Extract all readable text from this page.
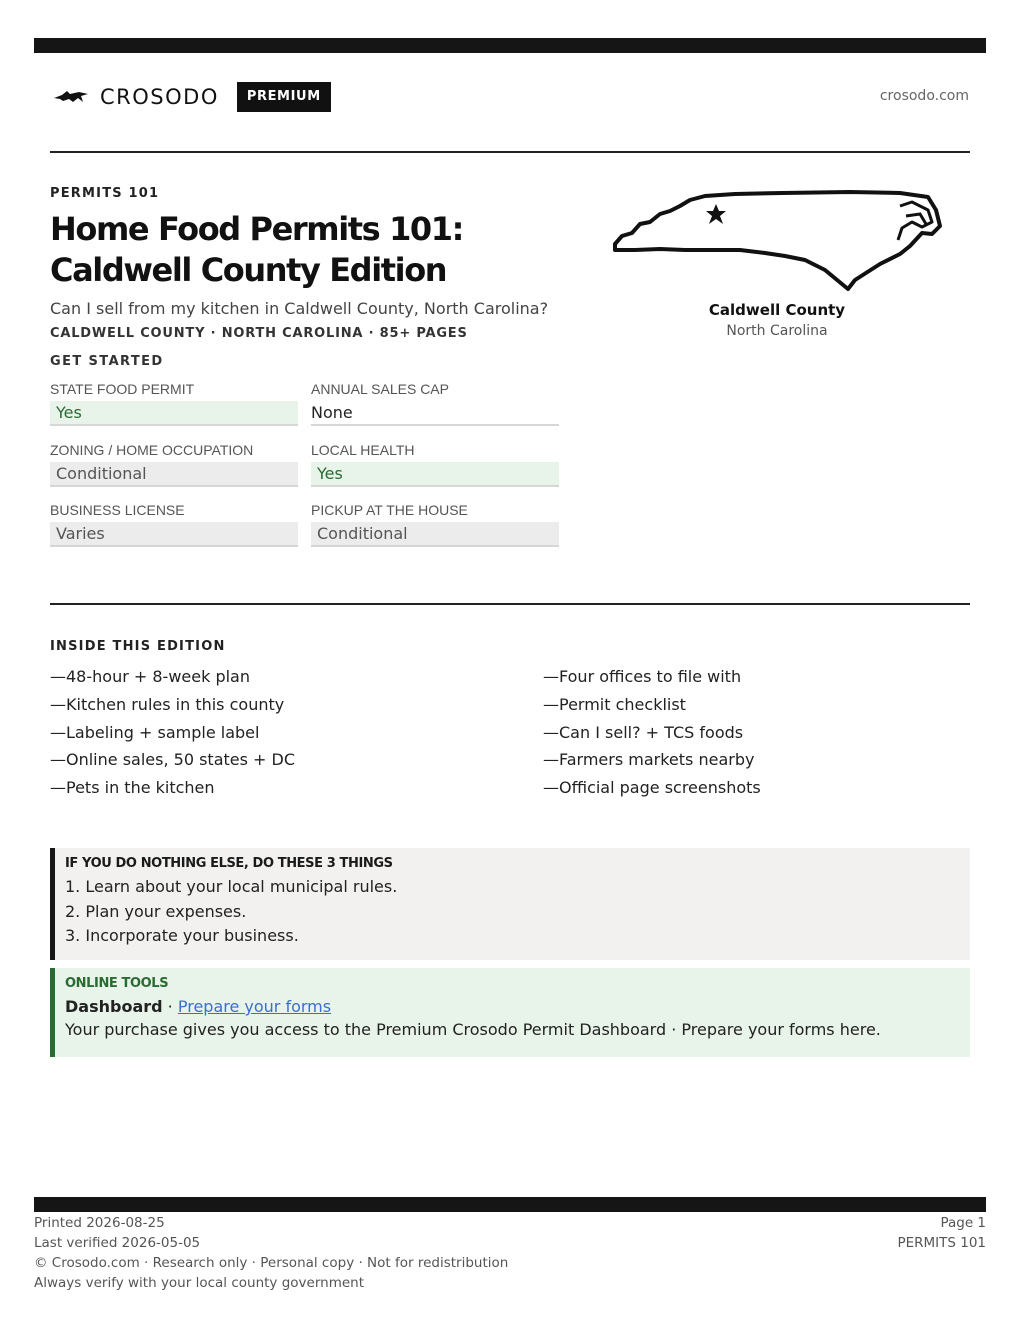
CROSODO	PREMIUM	crosodo.com
PERMITS 101
Home Food Permits 101:
Caldwell County Edition
Can I sell from my kitchen in Caldwell County, North Carolina?
CALDWELL COUNTY · NORTH CAROLINA · 85+ PAGES
GET STARTED
STATE FOOD PERMIT
Yes
ANNUAL SALES CAP
None
ZONING / HOME OCCUPATION
Conditional
LOCAL HEALTH
Yes
BUSINESS LICENSE
Varies
PICKUP AT THE HOUSE
Conditional
Caldwell County
North Carolina
INSIDE THIS EDITION
—48-hour + 8-week plan
—Kitchen rules in this county
—Labeling + sample label
—Online sales, 50 states + DC
—Pets in the kitchen
—Four offices to file with
—Permit checklist
—Can I sell? + TCS foods
—Farmers markets nearby
—Official page screenshots
IF YOU DO NOTHING ELSE, DO THESE 3 THINGS
1. Learn about your local municipal rules.
2. Plan your expenses.
3. Incorporate your business.
ONLINE TOOLS
Dashboard · Prepare your forms
Your purchase gives you access to the Premium Crosodo Permit Dashboard · Prepare your forms here.
Printed 2026-08-25
Last verified 2026-05-05
© Crosodo.com · Research only · Personal copy · Not for redistribution
Always verify with your local county government
Page 1
PERMITS 101
